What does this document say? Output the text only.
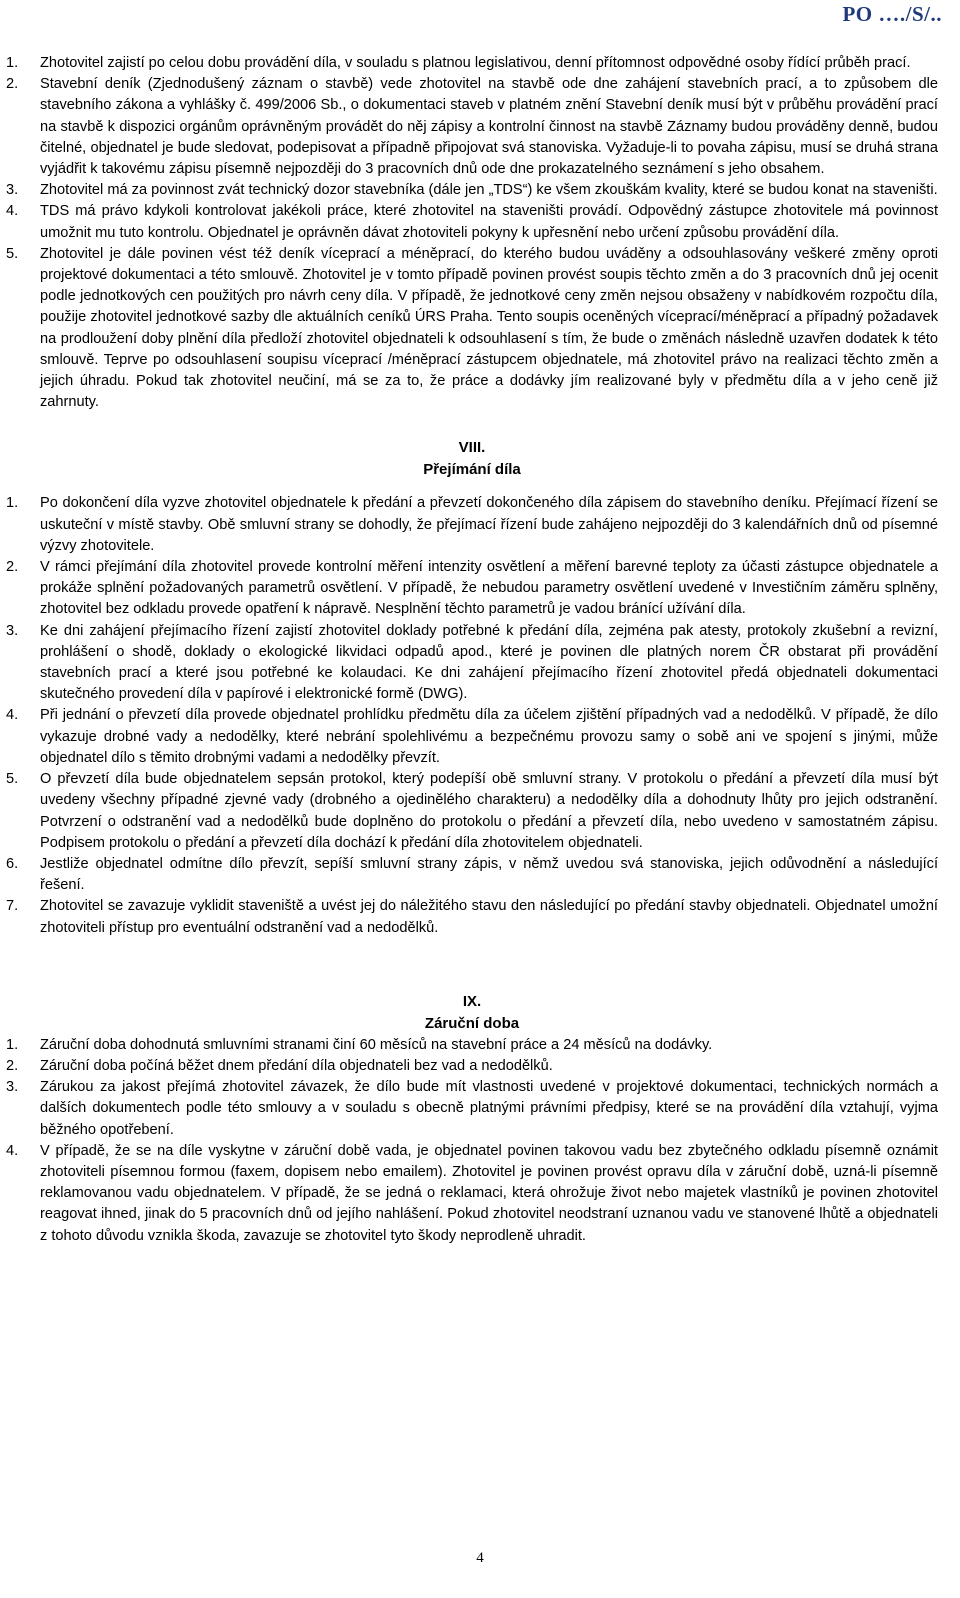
PO …./S/..
1. Zhotovitel zajistí po celou dobu provádění díla, v souladu s platnou legislativou, denní přítomnost odpovědné osoby řídící průběh prací.
2. Stavební deník (Zjednodušený záznam o stavbě) vede zhotovitel na stavbě ode dne zahájení stavebních prací, a to způsobem dle stavebního zákona a vyhlášky č. 499/2006 Sb., o dokumentaci staveb v platném znění Stavební deník musí být v průběhu provádění prací na stavbě k dispozici orgánům oprávněným provádět do něj zápisy a kontrolní činnost na stavbě Záznamy budou prováděny denně, budou čitelné, objednatel je bude sledovat, podepisovat a případně připojovat svá stanoviska. Vyžaduje-li to povaha zápisu, musí se druhá strana vyjádřit k takovému zápisu písemně nejpozději do 3 pracovních dnů ode dne prokazatelného seznámení s jeho obsahem.
3. Zhotovitel má za povinnost zvát technický dozor stavebníka (dále jen „TDS“) ke všem zkouškám kvality, které se budou konat na staveništi.
4. TDS má právo kdykoli kontrolovat jakékoli práce, které zhotovitel na staveništi provádí. Odpovědný zástupce zhotovitele má povinnost umožnit mu tuto kontrolu. Objednatel je oprávněn dávat zhotoviteli pokyny k upřesnění nebo určení způsobu provádění díla.
5. Zhotovitel je dále povinen vést též deník víceprací a méněprací, do kterého budou uváděny a odsouhlasovány veškeré změny oproti projektové dokumentaci a této smlouvě. Zhotovitel je v tomto případě povinen provést soupis těchto změn a do 3 pracovních dnů jej ocenit podle jednotkových cen použitých pro návrh ceny díla. V případě, že jednotkové ceny změn nejsou obsaženy v nabídkovém rozpočtu díla, použije zhotovitel jednotkové sazby dle aktuálních ceníků ÚRS Praha. Tento soupis oceněných víceprací/méněprací a případný požadavek na prodloužení doby plnění díla předloží zhotovitel objednateli k odsouhlasení s tím, že bude o změnách následně uzavřen dodatek k této smlouvě. Teprve po odsouhlasení soupisu víceprací /méněprací zástupcem objednatele, má zhotovitel právo na realizaci těchto změn a jejich úhradu. Pokud tak zhotovitel neučiní, má se za to, že práce a dodávky jím realizované byly v předmětu díla a v jeho ceně již zahrnuty.
VIII.
Přejímání díla
1. Po dokončení díla vyzve zhotovitel objednatele k předání a převzetí dokončeného díla zápisem do stavebního deníku. Přejímací řízení se uskuteční v místě stavby. Obě smluvní strany se dohodly, že přejímací řízení bude zahájeno nejpozději do 3 kalendářních dnů od písemné výzvy zhotovitele.
2. V rámci přejímání díla zhotovitel provede kontrolní měření intenzity osvětlení a měření barevné teploty za účasti zástupce objednatele a prokáže splnění požadovaných parametrů osvětlení. V případě, že nebudou parametry osvětlení uvedené v Investičním záměru splněny, zhotovitel bez odkladu provede opatření k nápravě. Nesplnění těchto parametrů je vadou bránící užívání díla.
3. Ke dni zahájení přejímacího řízení zajistí zhotovitel doklady potřebné k předání díla, zejména pak atesty, protokoly zkušební a revizní, prohlášení o shodě, doklady o ekologické likvidaci odpadů apod., které je povinen dle platných norem ČR obstarat při provádění stavebních prací a které jsou potřebné ke kolaudaci. Ke dni zahájení přejímacího řízení zhotovitel předá objednateli dokumentaci skutečného provedení díla v papírové i elektronické formě (DWG).
4. Při jednání o převzetí díla provede objednatel prohlídku předmětu díla za účelem zjištění případných vad a nedodělků. V případě, že dílo vykazuje drobné vady a nedodělky, které nebrání spolehlivému a bezpečnému provozu samy o sobě ani ve spojení s jinými, může objednatel dílo s těmito drobnými vadami a nedodělky převzít.
5. O převzetí díla bude objednatelem sepsán protokol, který podepíší obě smluvní strany. V protokolu o předání a převzetí díla musí být uvedeny všechny případné zjevné vady (drobného a ojedinělého charakteru) a nedodělky díla a dohodnuty lhůty pro jejich odstranění. Potvrzení o odstranění vad a nedodělků bude doplněno do protokolu o předání a převzetí díla, nebo uvedeno v samostatném zápisu. Podpisem protokolu o předání a převzetí díla dochází k předání díla zhotovitelem objednateli.
6. Jestliže objednatel odmítne dílo převzít, sepíší smluvní strany zápis, v němž uvedou svá stanoviska, jejich odůvodnění a následující řešení.
7. Zhotovitel se zavazuje vyklidit staveniště a uvést jej do náležitého stavu den následující po předání stavby objednateli. Objednatel umožní zhotoviteli přístup pro eventuální odstranění vad a nedodělků.
IX.
Záruční doba
1. Záruční doba dohodnutá smluvními stranami činí 60 měsíců na stavební práce a 24 měsíců na dodávky.
2. Záruční doba počíná běžet dnem předání díla objednateli bez vad a nedodělků.
3. Zárukou za jakost přejímá zhotovitel závazek, že dílo bude mít vlastnosti uvedené v projektové dokumentaci, technických normách a dalších dokumentech podle této smlouvy a v souladu s obecně platnými právními předpisy, které se na provádění díla vztahují, vyjma běžného opotřebení.
4. V případě, že se na díle vyskytne v záruční době vada, je objednatel povinen takovou vadu bez zbytečného odkladu písemně oznámit zhotoviteli písemnou formou (faxem, dopisem nebo emailem). Zhotovitel je povinen provést opravu díla v záruční době, uzná-li písemně reklamovanou vadu objednatelem. V případě, že se jedná o reklamaci, která ohrožuje život nebo majetek vlastníků je povinen zhotovitel reagovat ihned, jinak do 5 pracovních dnů od jejího nahlášení. Pokud zhotovitel neodstraní uznanou vadu ve stanovené lhůtě a objednateli z tohoto důvodu vznikla škoda, zavazuje se zhotovitel tyto škody neprodleně uhradit.
4
